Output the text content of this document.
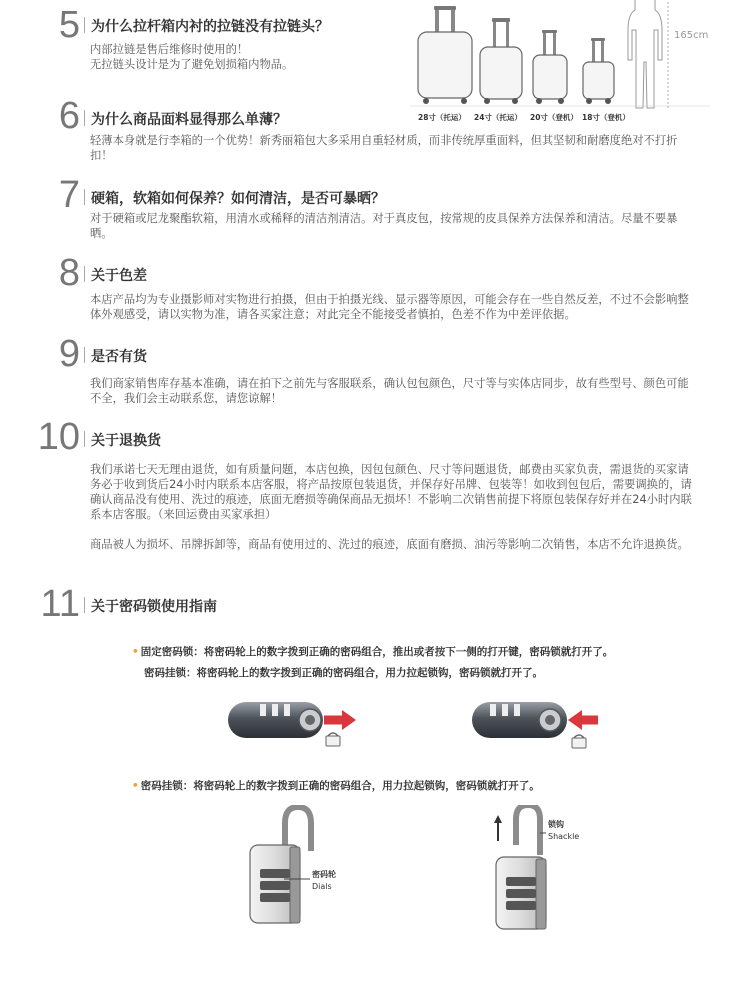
5 为什么拉杆箱内衬的拉链没有拉链头？

内部拉链是售后维修时使用的！

无拉链头设计是为了避免划损箱内物品。

165cm
28寸（托运） 24寸（托运） 20寸（登机） 18寸（登机）
6 为什么商品面料显得那么单薄？

轻薄本身就是行李箱的一个优势！新秀丽箱包大多采用自重轻材质，而非传统厚重面料，但其坚韧和耐磨度绝对不打折扣！

7 硬箱，软箱如何保养？如何清洁，是否可暴晒？

对于硬箱或尼龙聚酯软箱，用清水或稀释的清洁剂清洁。对于真皮包，按常规的皮具保养方法保养和清洁。尽量不要暴晒。

8 关于色差

本店产品均为专业摄影师对实物进行拍摄，但由于拍摄光线、显示器等原因，可能会存在一些自然反差，不过不会影响整体外观感受，请以实物为准，请各买家注意；对此完全不能接受者慎拍，色差不作为中差评依据。

9 是否有货

我们商家销售库存基本准确，请在拍下之前先与客服联系，确认包包颜色，尺寸等与实体店同步，故有些型号、颜色可能不全，我们会主动联系您，请您谅解！

10 关于退换货

我们承诺七天无理由退货，如有质量问题，本店包换，因包包颜色、尺寸等问题退货，邮费由买家负责，需退货的买家请务必于收到货后24小时内联系本店客服，将产品按原包装退货，并保存好吊牌、包装等！如收到包包后，需要调换的，请确认商品没有使用、洗过的痕迹，底面无磨损等确保商品无损坏！不影响二次销售前提下将原包装保存好并在24小时内联系本店客服。（来回运费由买家承担）

商品被人为损坏、吊牌拆卸等，商品有使用过的、洗过的痕迹，底面有磨损、油污等影响二次销售，本店不允许退换货。

11 关于密码锁使用指南
• 固定密码锁：将密码轮上的数字拨到正确的密码组合，推出或者按下一侧的打开键，密码锁就打开了。
密码挂锁：将密码轮上的数字拨到正确的密码组合，用力拉起锁钩，密码锁就打开了。
• 密码挂锁：将密码轮上的数字拨到正确的密码组合，用力拉起锁钩，密码锁就打开了。
密码轮
Dials
锁钩
Shackle
